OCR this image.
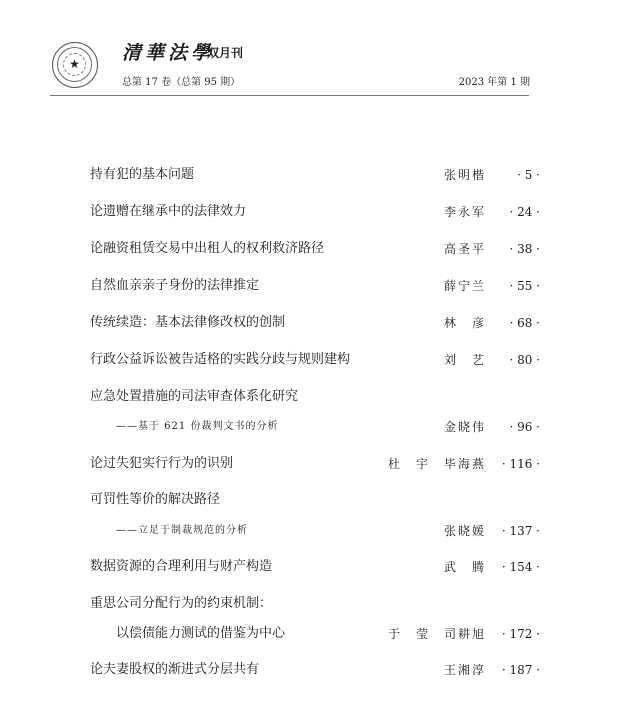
★	清華法學
双月刊
总第 17 卷（总第 95 期）	2023 年第 1 期
持有犯的基本问题	张明楷	· 5 ·
论遗赠在继承中的法律效力	李永军 · 24 ·
论融资租赁交易中出租人的权利救济路径	高圣平 · 38 ·
自然血亲亲子身份的法律推定	薛宁兰 · 55 ·
传统续造：基本法律修改权的创制	林　彦 · 68 ·
行政公益诉讼被告适格的实践分歧与规则建构	刘　艺 · 80 ·
应急处置措施的司法审查体系化研究
——基于 621 份裁判文书的分析	金晓伟 · 96 ·
论过失犯实行行为的识别	杜　宇　毕海燕 · 116 ·
可罚性等价的解决路径
——立足于制裁规范的分析	张晓媛 · 137 ·
数据资源的合理利用与财产构造	武　腾 · 154 ·
重思公司分配行为的约束机制：
以偿债能力测试的借鉴为中心	于　莹　司耕旭 · 172 ·
论夫妻股权的渐进式分层共有	王湘淳 · 187 ·
